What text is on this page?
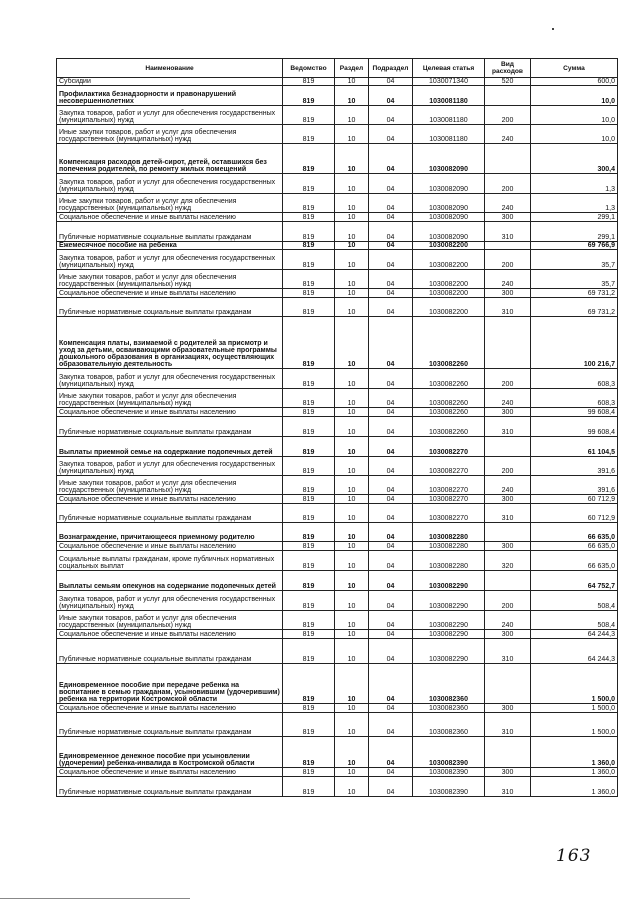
Наименование	Ведомство	Раздел	Подраздел	Целевая статья	Вид расходов	Сумма
Субсидии	819	10	04	1030071340	520	600,0
Профилактика безнадзорности и правонарушений несовершеннолетних	819	10	04	1030081180		10,0
Закупка товаров, работ и услуг для обеспечения государственных (муниципальных) нужд	819	10	04	1030081180	200	10,0
Иные закупки товаров, работ и услуг для обеспечения государственных (муниципальных) нужд	819	10	04	1030081180	240	10,0
Компенсация расходов детей-сирот, детей, оставшихся без попечения родителей, по ремонту жилых помещений	819	10	04	1030082090		300,4
Закупка товаров, работ и услуг для обеспечения государственных (муниципальных) нужд	819	10	04	1030082090	200	1,3
Иные закупки товаров, работ и услуг для обеспечения государственных (муниципальных) нужд	819	10	04	1030082090	240	1,3
Социальное обеспечение и иные выплаты населению	819	10	04	1030082090	300	299,1
Публичные нормативные социальные выплаты гражданам	819	10	04	1030082090	310	299,1
Ежемесячное пособие на ребенка	819	10	04	1030082200		69 766,9
Закупка товаров, работ и услуг для обеспечения государственных (муниципальных) нужд	819	10	04	1030082200	200	35,7
Иные закупки товаров, работ и услуг для обеспечения государственных (муниципальных) нужд	819	10	04	1030082200	240	35,7
Социальное обеспечение и иные выплаты населению	819	10	04	1030082200	300	69 731,2
Публичные нормативные социальные выплаты гражданам	819	10	04	1030082200	310	69 731,2
Компенсация платы, взимаемой с родителей за присмотр и уход за детьми, осваивающими образовательные программы дошкольного образования в организациях, осуществляющих образовательную деятельность	819	10	04	1030082260		100 216,7
Закупка товаров, работ и услуг для обеспечения государственных (муниципальных) нужд	819	10	04	1030082260	200	608,3
Иные закупки товаров, работ и услуг для обеспечения государственных (муниципальных) нужд	819	10	04	1030082260	240	608,3
Социальное обеспечение и иные выплаты населению	819	10	04	1030082260	300	99 608,4
Публичные нормативные социальные выплаты гражданам	819	10	04	1030082260	310	99 608,4
Выплаты приемной семье на содержание подопечных детей	819	10	04	1030082270		61 104,5
Закупка товаров, работ и услуг для обеспечения государственных (муниципальных) нужд	819	10	04	1030082270	200	391,6
Иные закупки товаров, работ и услуг для обеспечения государственных (муниципальных) нужд	819	10	04	1030082270	240	391,6
Социальное обеспечение и иные выплаты населению	819	10	04	1030082270	300	60 712,9
Публичные нормативные социальные выплаты гражданам	819	10	04	1030082270	310	60 712,9
Вознаграждение, причитающееся приемному родителю	819	10	04	1030082280		66 635,0
Социальное обеспечение и иные выплаты населению	819	10	04	1030082280	300	66 635,0
Социальные выплаты гражданам, кроме публичных нормативных социальных выплат	819	10	04	1030082280	320	66 635,0
Выплаты семьям опекунов на содержание подопечных детей	819	10	04	1030082290		64 752,7
Закупка товаров, работ и услуг для обеспечения государственных (муниципальных) нужд	819	10	04	1030082290	200	508,4
Иные закупки товаров, работ и услуг для обеспечения государственных (муниципальных) нужд	819	10	04	1030082290	240	508,4
Социальное обеспечение и иные выплаты населению	819	10	04	1030082290	300	64 244,3
Публичные нормативные социальные выплаты гражданам	819	10	04	1030082290	310	64 244,3
Единовременное пособие при передаче ребенка на воспитание в семью гражданам, усыновившим (удочерившим) ребенка на территории Костромской области	819	10	04	1030082360		1 500,0
Социальное обеспечение и иные выплаты населению	819	10	04	1030082360	300	1 500,0
Публичные нормативные социальные выплаты гражданам	819	10	04	1030082360	310	1 500,0
Единовременное денежное пособие при усыновлении (удочерении) ребенка-инвалида в Костромской области	819	10	04	1030082390		1 360,0
Социальное обеспечение и иные выплаты населению	819	10	04	1030082390	300	1 360,0
Публичные нормативные социальные выплаты гражданам	819	10	04	1030082390	310	1 360,0
163
